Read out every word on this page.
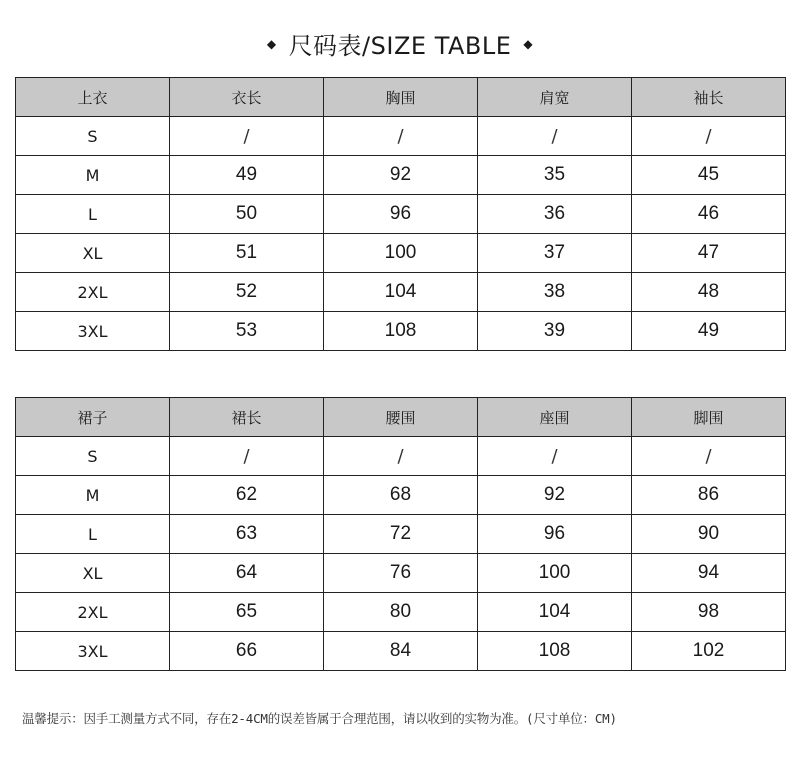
◆ 尺码表/SIZE TABLE ◆
上衣	衣长	胸围	肩宽	袖长
S	/	/	/	/
M	49	92	35	45
L	50	96	36	46
XL	51	100	37	47
2XL	52	104	38	48
3XL	53	108	39	49
裙子	裙长	腰围	座围	脚围
S	/	/	/	/
M	62	68	92	86
L	63	72	96	90
XL	64	76	100	94
2XL	65	80	104	98
3XL	66	84	108	102
温馨提示：因手工测量方式不同，存在2-4CM的误差皆属于合理范围，请以收到的实物为准。(尺寸单位：CM)
